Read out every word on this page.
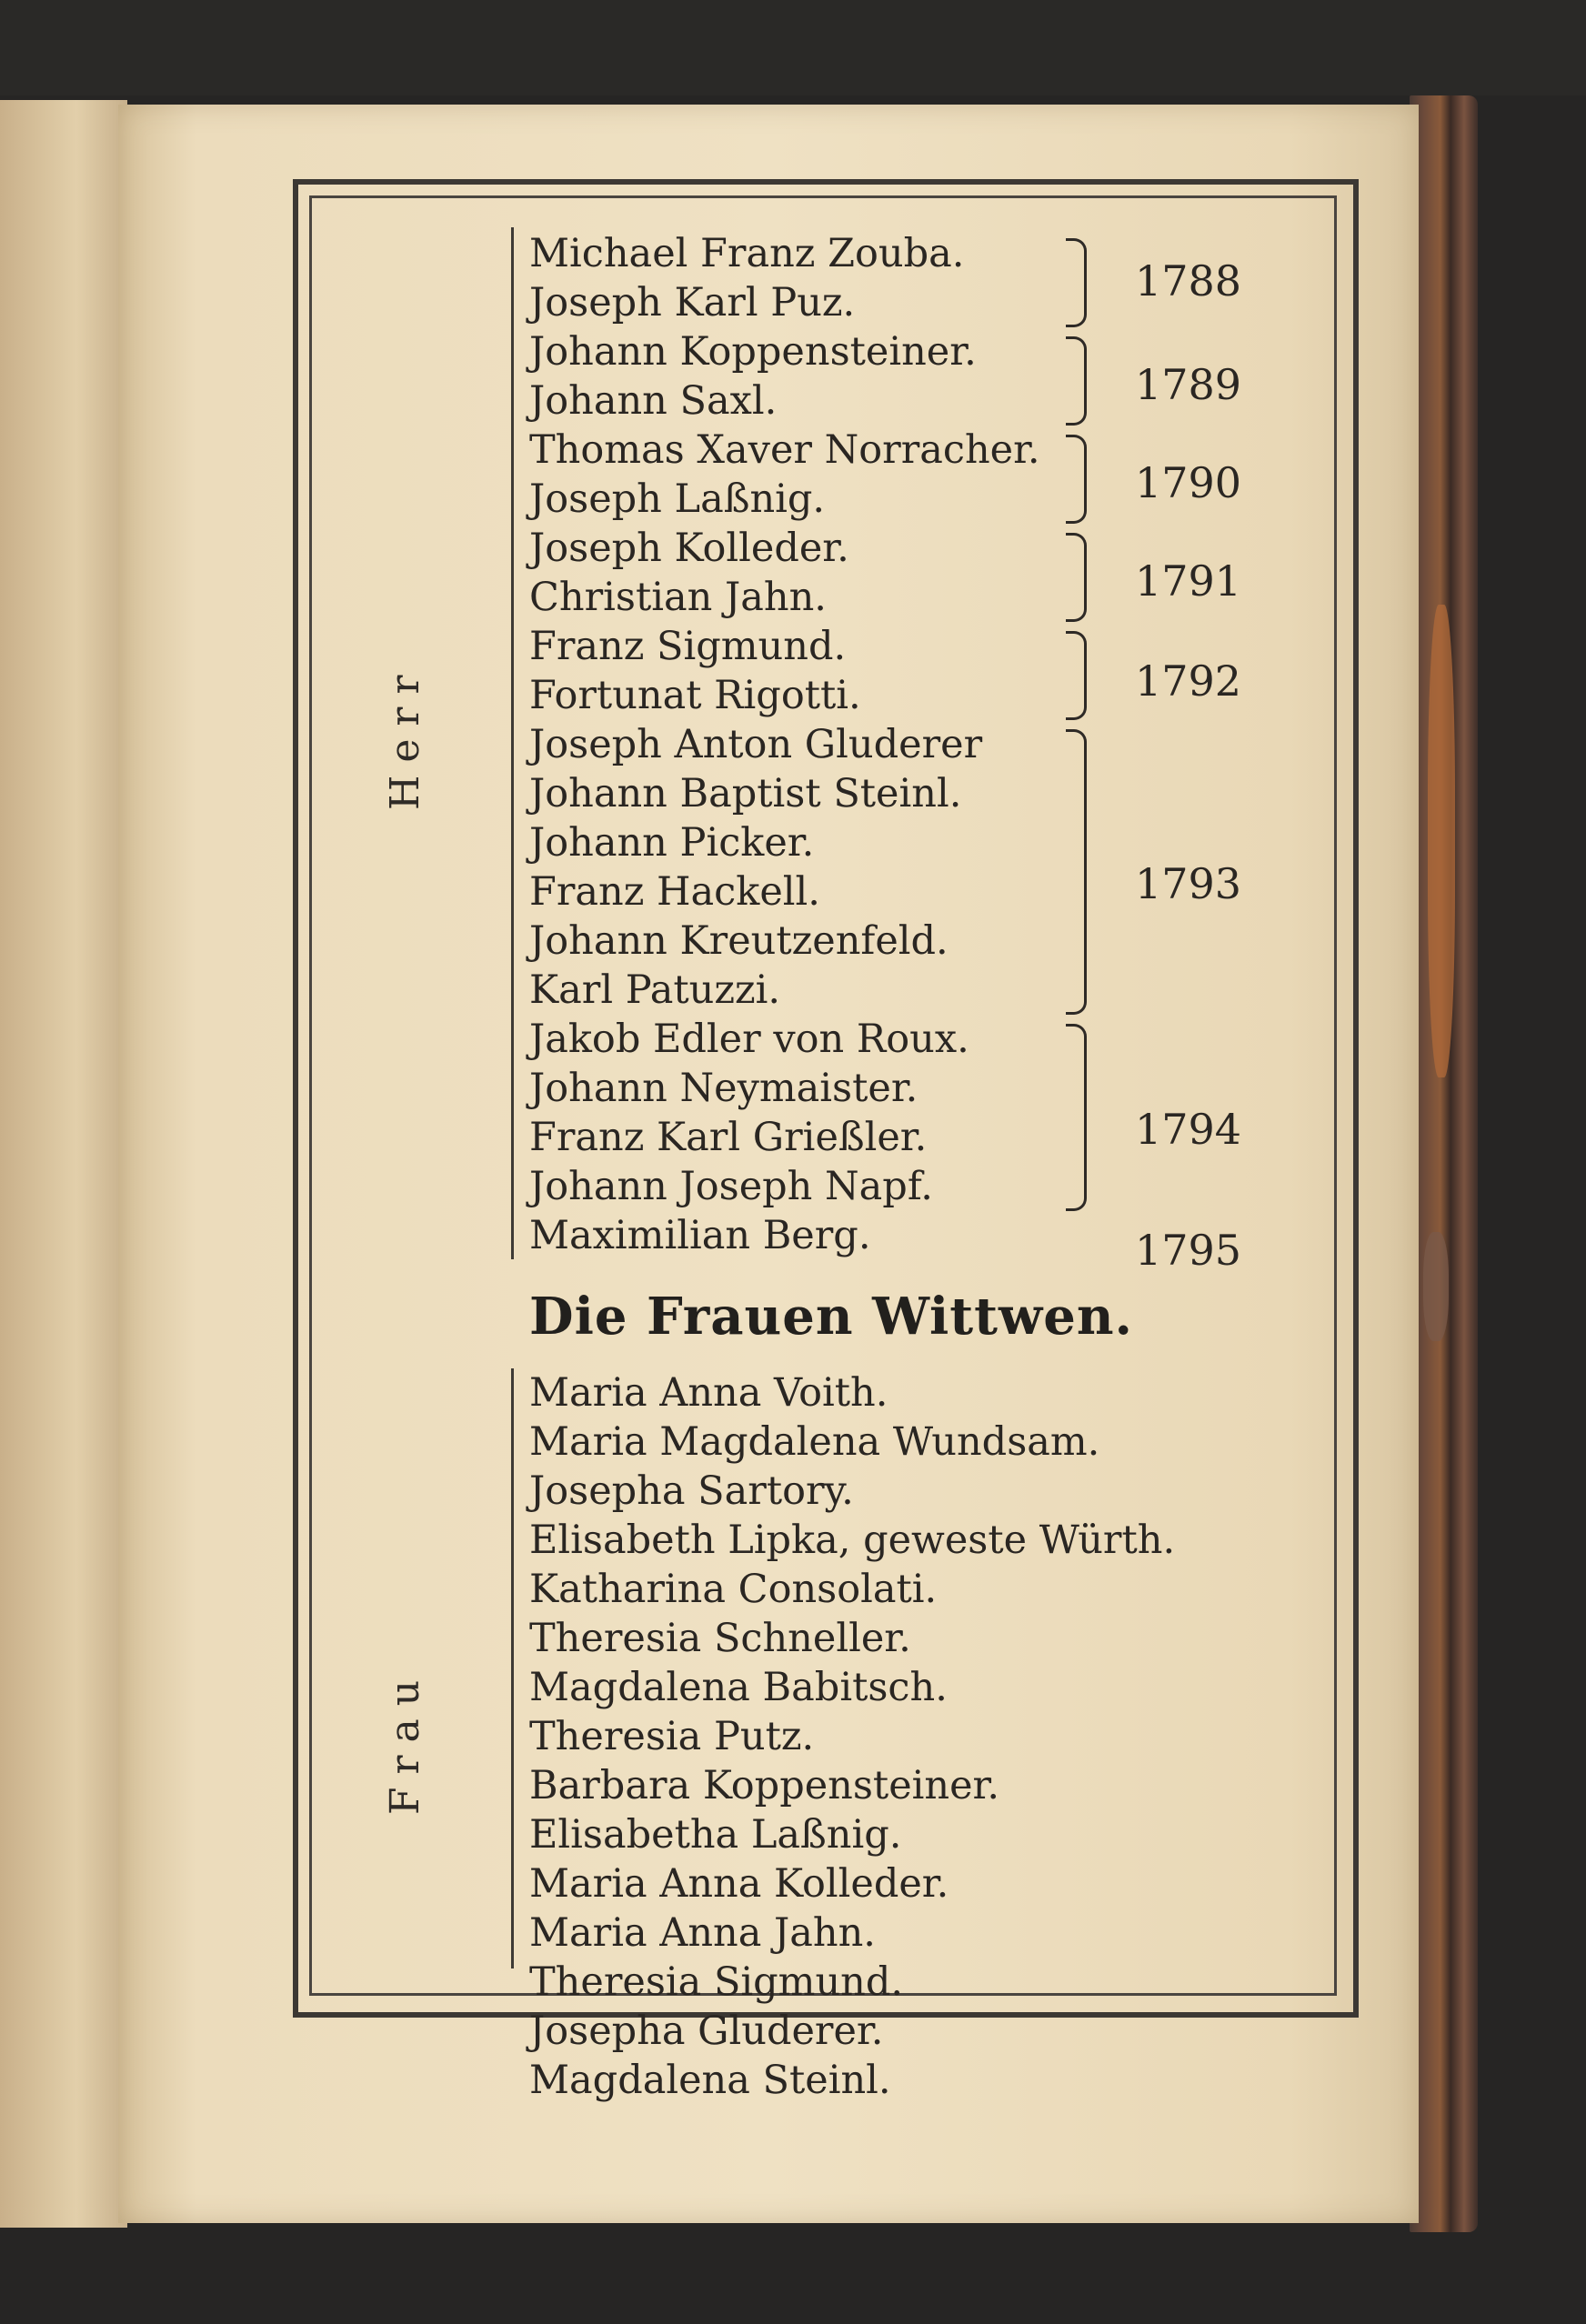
Herr
Frau
Michael Franz Zouba.
Joseph Karl Puz.
Johann Koppensteiner.
Johann Saxl.
Thomas Xaver Norracher.
Joseph Laßnig.
Joseph Kolleder.
Christian Jahn.
Franz Sigmund.
Fortunat Rigotti.
Joseph Anton Gluderer
Johann Baptist Steinl.
Johann Picker.
Franz Hackell.
Johann Kreutzenfeld.
Karl Patuzzi.
Jakob Edler von Roux.
Johann Neymaister.
Franz Karl Grießler.
Johann Joseph Napf.
Maximilian Berg.
1788
1789
1790
1791
1792
1793
1794
1795
Die Frauen Wittwen.
Maria Anna Voith.
Maria Magdalena Wundsam.
Josepha Sartory.
Elisabeth Lipka, geweste Würth.
Katharina Consolati.
Theresia Schneller.
Magdalena Babitsch.
Theresia Putz.
Barbara Koppensteiner.
Elisabetha Laßnig.
Maria Anna Kolleder.
Maria Anna Jahn.
Theresia Sigmund.
Josepha Gluderer.
Magdalena Steinl.
